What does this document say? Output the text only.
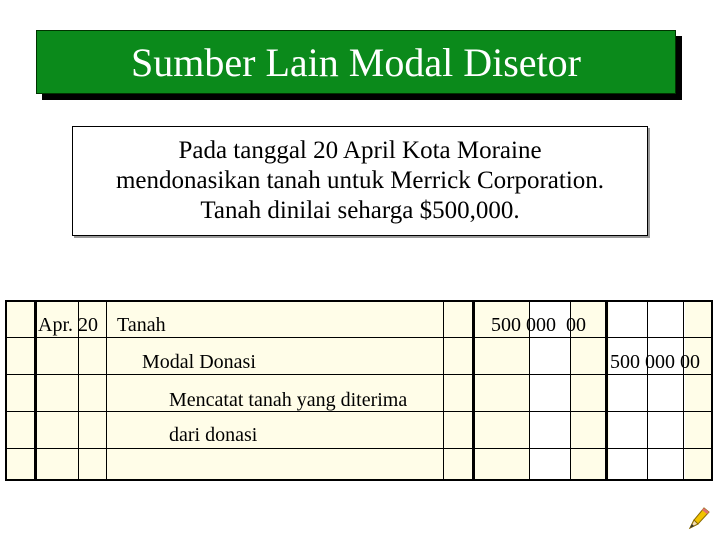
Sumber Lain Modal Disetor
Pada tanggal 20 April Kota Moraine
mendonasikan tanah untuk Merrick Corporation.
Tanah dinilai seharga $500,000.
Apr. 20 Tanah	500 000  00
Modal Donasi	500 000 00
Mencatat tanah yang diterima
dari donasi
